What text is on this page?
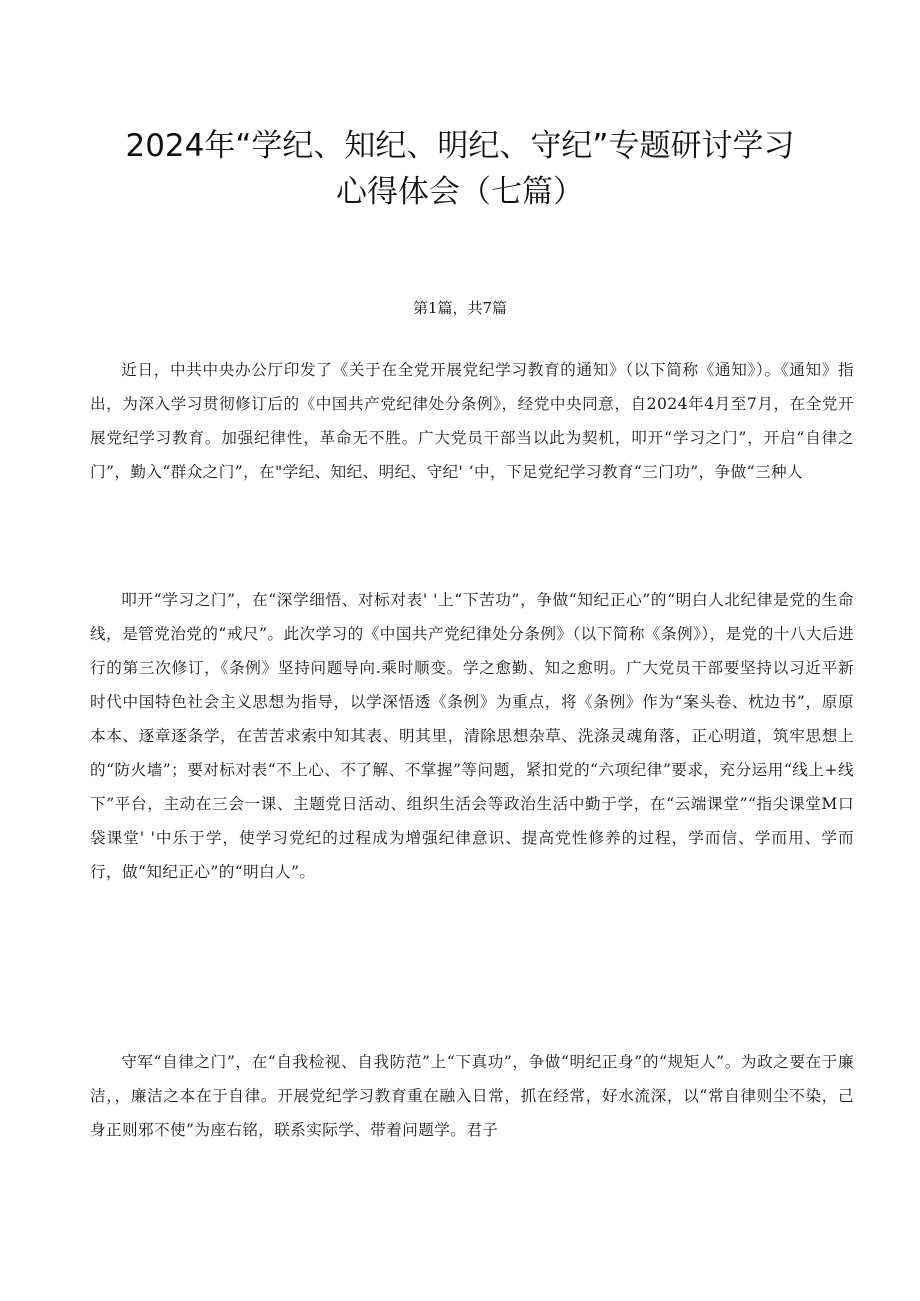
2024年“学纪、知纪、明纪、守纪”专题研讨学习
心得体会（七篇）

第1篇，共7篇

近日，中共中央办公厅印发了《关于在全党开展党纪学习教育的通知》（以下简称《通知》）。《通知》指出，为深入学习贯彻修订后的《中国共产党纪律处分条例》，经党中央同意，自2024年4月至7月，在全党开展党纪学习教育。加强纪律性，革命无不胜。广大党员干部当以此为契机，叩开“学习之门”，开启“自律之门”，勤入“群众之门”，在"学纪、知纪、明纪、守纪' ‘中，下足党纪学习教育“三门功”，争做“三种人

叩开“学习之门”，在“深学细悟、对标对表' '上“下苦功”，争做“知纪正心”的“明白人北纪律是党的生命线，是管党治党的“戒尺”。此次学习的《中国共产党纪律处分条例》（以下简称《条例》），是党的十八大后进行的第三次修订，《条例》坚持问题导向.乘时顺变。学之愈勤、知之愈明。广大党员干部要坚持以习近平新时代中国特色社会主义思想为指导，以学深悟透《条例》为重点，将《条例》作为“案头卷、枕边书”，原原本本、逐章逐条学，在苦苦求索中知其表、明其里，清除思想杂草、洗涤灵魂角落，正心明道，筑牢思想上的“防火墙”；要对标对表“不上心、不了解、不掌握”等问题，紧扣党的“六项纪律”要求，充分运用“线上+线下”平台，主动在三会一课、主题党日活动、组织生活会等政治生活中勤于学，在“云端课堂”“指尖课堂M口袋课堂' '中乐于学，使学习党纪的过程成为增强纪律意识、提高党性修养的过程，学而信、学而用、学而行，做“知纪正心”的“明白人”。

守军“自律之门”，在“自我检视、自我防范”上“下真功”，争做“明纪正身”的“规矩人”。为政之要在于廉洁，，廉洁之本在于自律。开展党纪学习教育重在融入日常，抓在经常，好水流深，以“常自律则尘不染，己身正则邪不使”为座右铭，联系实际学、带着问题学。君子
